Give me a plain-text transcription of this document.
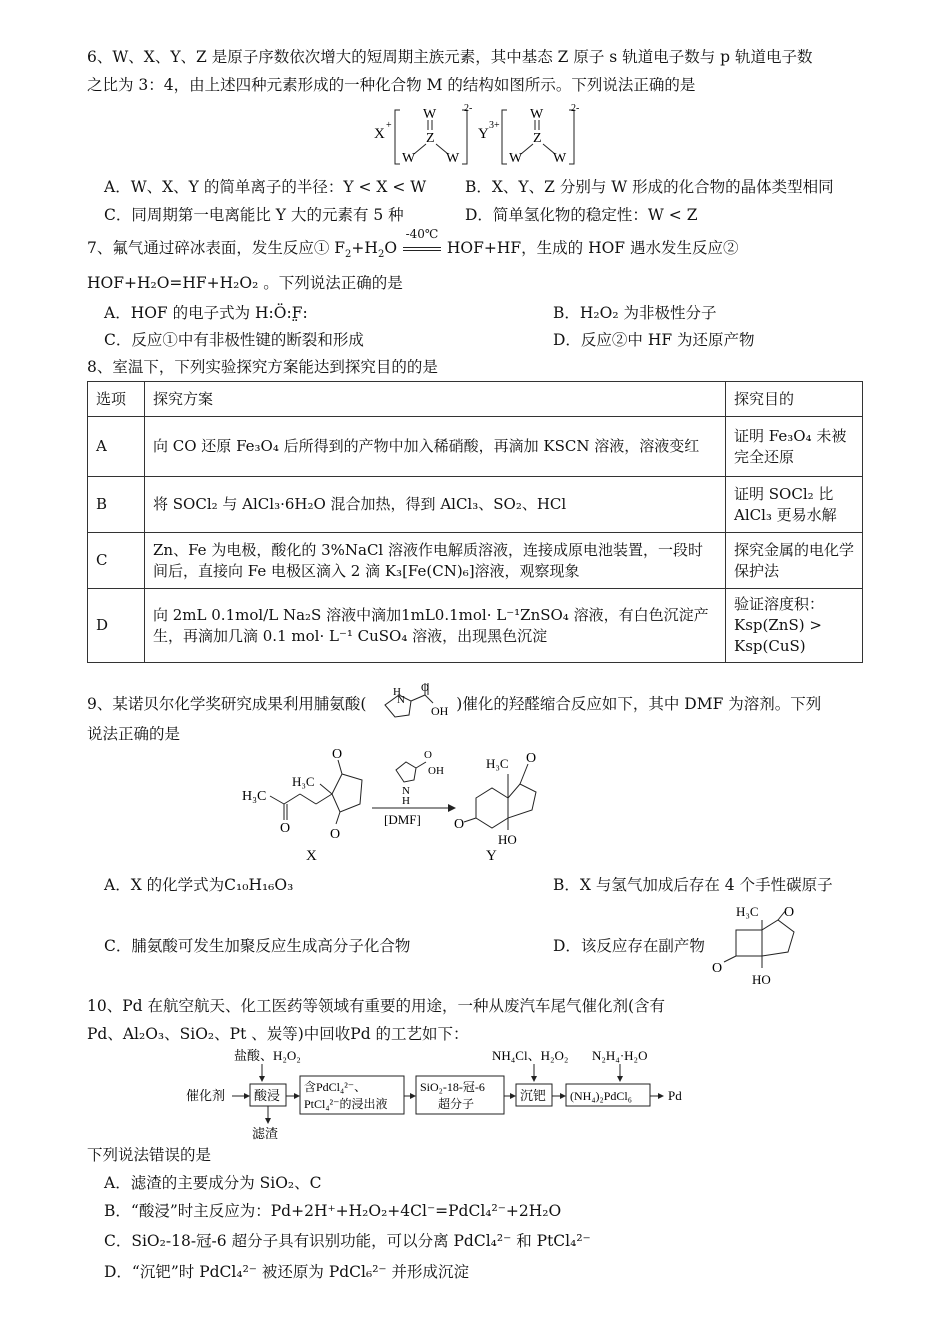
6、W、X、Y、Z 是原子序数依次增大的短周期主族元素，其中基态 Z 原子 s 轨道电子数与 p 轨道电子数
之比为 3：4，由上述四种元素形成的一种化合物 M 的结构如图所示。下列说法正确的是
X
+
2-
W
Z
W W
Y
3+
2-
W
Z
W W
A．W、X、Y 的简单离子的半径：Y < X < W	B．X、Y、Z 分别与 W 形成的化合物的晶体类型相同
C．同周期第一电离能比 Y 大的元素有 5 种	D．简单氢化物的稳定性：W < Z
7、氟气通过碎冰表面，发生反应① $F_2+H_2O$
-40℃
HOF+HF，生成的 HOF 遇水发生反应②
HOF+H₂O=HF+H₂O₂ 。下列说法正确的是
A．HOF 的电子式为 H:Ö:F̤:	B．H₂O₂ 为非极性分子
C．反应①中有非极性键的断裂和形成	D．反应②中 HF 为还原产物
8、室温下，下列实验探究方案能达到探究目的的是
选项	探究方案	探究目的
A	向 CO 还原 Fe₃O₄ 后所得到的产物中加入稀硝酸，再滴加 KSCN 溶液，溶液变红	证明 Fe₃O₄ 未被完全还原
B	将 SOCl₂ 与 AlCl₃·6H₂O 混合加热，得到 AlCl₃、SO₂、HCl	证明 SOCl₂ 比 AlCl₃ 更易水解
C	Zn、Fe 为电极，酸化的 3%NaCl 溶液作电解质溶液，连接成原电池装置，一段时间后，直接向 Fe 电极区滴入 2 滴 K₃[Fe(CN)₆]溶液，观察现象	探究金属的电化学保护法
D	向 2mL 0.1mol/L Na₂S 溶液中滴加1mL0.1mol· L⁻¹ZnSO₄ 溶液，有白色沉淀产生，再滴加几滴 0.1 mol· L⁻¹ CuSO₄ 溶液，出现黑色沉淀	验证溶度积：Ksp(ZnS) > Ksp(CuS)
9、某诺贝尔化学奖研究成果利用脯氨酸(
O
OH
H
N	)催化的羟醛缩合反应如下，其中 DMF 为溶剂。下列
说法正确的是
H₃C
O
H₃C
O
O
X
N
H
O
OH
[DMF]
H₃C O
O
HO
Y
A．X 的化学式为C₁₀H₁₆O₃	B．X 与氢气加成后存在 4 个手性碳原子
C．脯氨酸可发生加聚反应生成高分子化合物	D．该反应存在副产物
H₃C O
O
HO
10、Pd 在航空航天、化工医药等领域有重要的用途，一种从废汽车尾气催化剂(含有
Pd、Al₂O₃、SiO₂、Pt 、炭等)中回收Pd 的工艺如下：
盐酸、H₂O₂
催化剂 酸浸
滤渣
含PdCl₄²⁻、
PtCl₄²⁻的浸出液
SiO₂-18-冠-6
超分子
NH₄Cl、H₂O₂
沉钯
N₂H₄·H₂O
(NH₄)₂PdCl₆	Pd
下列说法错误的是
A．滤渣的主要成分为 SiO₂、C
B．“酸浸”时主反应为：Pd+2H⁺+H₂O₂+4Cl⁻=PdCl₄²⁻+2H₂O
C．SiO₂-18-冠-6 超分子具有识别功能，可以分离 PdCl₄²⁻ 和 PtCl₄²⁻
D．“沉钯”时 PdCl₄²⁻ 被还原为 PdCl₆²⁻ 并形成沉淀
